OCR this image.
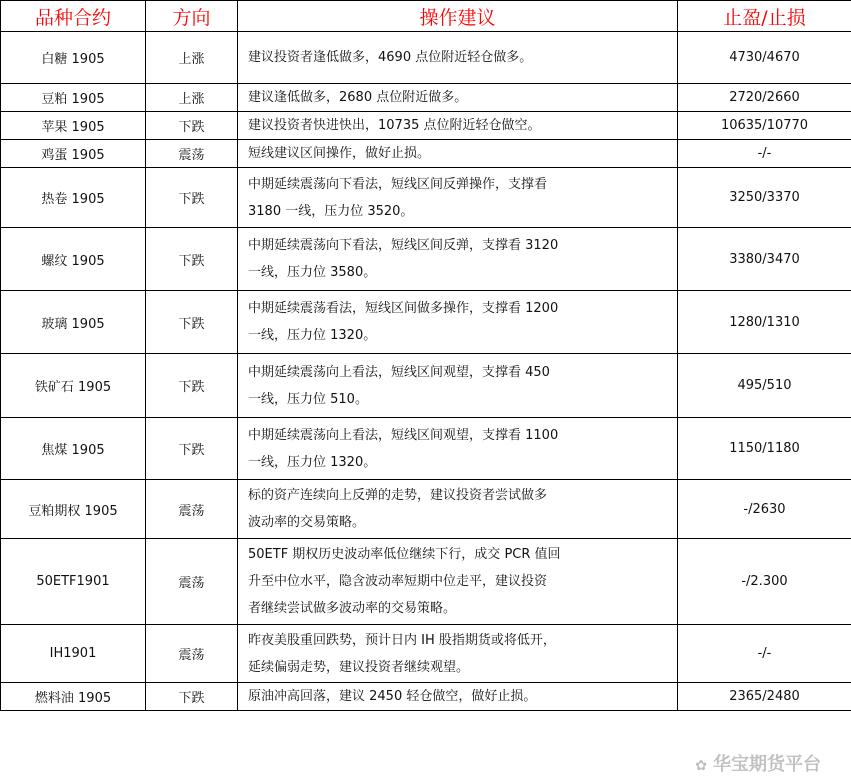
品种合约	方向	操作建议	止盈/止损
白糖 1905	上涨	建议投资者逢低做多，4690 点位附近轻仓做多。	4730/4670
豆粕 1905	上涨	建议逢低做多，2680 点位附近做多。	2720/2660
苹果 1905	下跌	建议投资者快进快出，10735 点位附近轻仓做空。	10635/10770
鸡蛋 1905	震荡	短线建议区间操作，做好止损。	-/-
热卷 1905	下跌	中期延续震荡向下看法，短线区间反弹操作，支撑看
3180 一线，压力位 3520。	3250/3370
螺纹 1905	下跌	中期延续震荡向下看法，短线区间反弹，支撑看 3120
一线，压力位 3580。	3380/3470
玻璃 1905	下跌	中期延续震荡看法，短线区间做多操作，支撑看 1200
一线，压力位 1320。	1280/1310
铁矿石 1905	下跌	中期延续震荡向上看法，短线区间观望，支撑看 450
一线，压力位 510。	495/510
焦煤 1905	下跌	中期延续震荡向上看法，短线区间观望，支撑看 1100
一线，压力位 1320。	1150/1180
豆粕期权 1905	震荡	标的资产连续向上反弹的走势，建议投资者尝试做多
波动率的交易策略。	-/2630
50ETF1901	震荡	50ETF 期权历史波动率低位继续下行，成交 PCR 值回
升至中位水平，隐含波动率短期中位走平，建议投资
者继续尝试做多波动率的交易策略。	-/2.300
IH1901	震荡	昨夜美股重回跌势，预计日内 IH 股指期货或将低开，
延续偏弱走势，建议投资者继续观望。	-/-
燃料油 1905	下跌	原油冲高回落，建议 2450 轻仓做空，做好止损。	2365/2480
✿ 华宝期货平台
